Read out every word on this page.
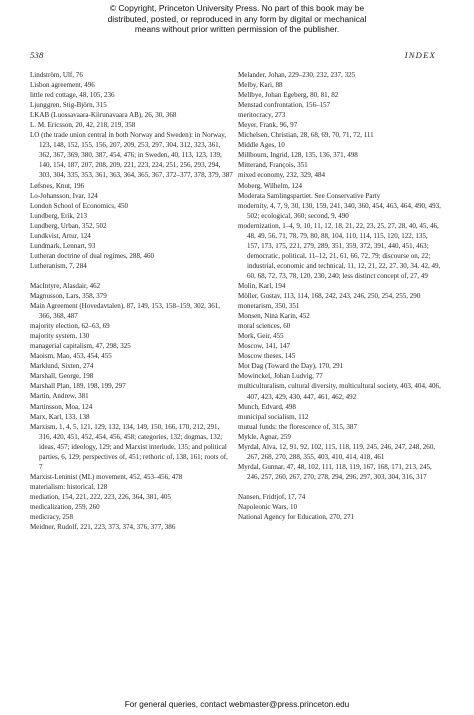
© Copyright, Princeton University Press. No part of this book may be
distributed, posted, or reproduced in any form by digital or mechanical
means without prior written permission of the publisher.
538	INDEX
Lindström, Ulf, 76
Lisbon agreement, 496
little red cottage, 48, 105, 236
Ljunggren, Stig-Björn, 315
LKAB (Luossavaara-Kiirunavaara AB), 26, 30, 368
L. M. Ericsson, 20, 42, 218, 219, 358
LO (the trade union central in both Norway and Sweden): in Norway, 123, 148, 152, 155, 156, 207, 209, 253, 297, 304, 312, 323, 361, 362, 367, 369, 380, 387, 454, 476; in Sweden, 40, 113, 123, 139, 140, 154, 187, 207, 208, 209, 221, 223, 224, 251, 256, 293, 294, 303, 304, 335, 353, 361, 363, 364, 365, 367, 372–377, 378, 379, 387
Løfsnes, Knut, 196
Lo-Johansson, Ivar, 124
London School of Economics, 450
Lundberg, Erik, 213
Lundberg, Urban, 352, 502
Lundkvist, Artur, 124
Lundmark, Lennart, 93
Lutheran doctrine of dual regimes, 288, 460
Lutheranism, 7, 284
MacIntyre, Alasdair, 462
Magnusson, Lars, 358, 379
Main Agreement (Hovedavtalen), 87, 149, 153, 158–159, 302, 361, 366, 368, 487
majority election, 62–63, 69
majority system, 130
managerial capitalism, 47, 298, 325
Maoism, Mao, 453, 454, 455
Marklund, Sixten, 274
Marshall, George, 198
Marshall Plan, 189, 198, 199, 297
Martin, Andrew, 381
Martinsson, Moa, 124
Marx, Karl, 133, 138
Marxism, 1, 4, 5, 121, 129, 132, 134, 149, 150, 166, 170, 212, 291, 316, 420, 451, 452, 454, 456, 458; categories, 132; dogmas, 132; ideas, 457; ideology, 129; and Marxist interlude, 135; and political parties, 6, 129; perspectives of, 451; rethoric of, 138, 161; roots of, 7
Marxist-Leninist (ML) movement, 452, 453–456, 478
materialism: historical, 128
mediation, 154, 221, 222, 223, 226, 364, 381, 405
medicalization, 259, 260
medicracy, 258
Meidner, Rudolf, 221, 223, 373, 374, 376, 377, 386
Melander, Johan, 229–230, 232, 237, 325
Melby, Kari, 88
Mellbye, Johan Egeberg, 80, 81, 82
Menstad confrontation, 156–157
meritocracy, 273
Meyer, Frank, 96, 97
Michelsen, Christian, 28, 68, 69, 70, 71, 72, 111
Middle Ages, 10
Millbourn, Ingrid, 128, 135, 136, 371, 498
Mitterand, François, 351
mixed economy, 232, 329, 484
Moberg, Wilhelm, 124
Moderata Samlingspartiet. See Conservative Party
modernity, 4, 7, 9, 30, 130, 159, 241, 340, 360, 454, 463, 464, 490, 493, 502; ecological, 360; second, 9, 490
modernization, 1–4, 9, 10, 11, 12, 18, 21, 22, 23, 25, 27, 28, 40, 45, 46, 48, 49, 56, 71, 78, 79, 80, 88, 104, 110, 114, 115, 120, 122, 135, 157, 173, 175, 221, 279, 289, 351, 359, 372, 391, 440, 451, 463; democratic, political, 11–12, 21, 61, 66, 72, 79; discourse on, 22; industrial, economic and technical, 11, 12, 21, 22, 27, 30, 34, 42, 49, 60, 68, 72, 73, 78, 120, 230, 240; less distinct concept of, 27, 49
Molin, Karl, 194
Möller, Gustav, 113, 114, 168, 242, 243, 246, 250, 254, 255, 290
monetarism, 350, 351
Monsen, Nina Karin, 452
moral sciences, 60
Mork, Geir, 455
Moscow, 141, 147
Moscow theses, 145
Mot Dag (Toward the Day), 170, 291
Mowinckel, Johan Ludvig, 77
multiculturalism, cultural diversity, multicultural society, 403, 404, 406, 407, 423, 429, 430, 447, 461, 462, 492
Munch, Edvard, 498
municipal socialism, 112
mutual funds: the florescence of, 315, 387
Mykle, Agnar, 259
Myrdal, Alva, 12, 91, 92, 102, 115, 118, 119, 245, 246, 247, 248, 260, 267, 268, 270, 288, 355, 403, 410, 414, 418, 461
Myrdal, Gunnar, 47, 48, 102, 111, 118, 119, 167, 168, 171, 213, 245, 246, 257, 260, 267, 270, 278, 294, 296, 297, 303, 304, 316, 317
Nansen, Fridtjof, 17, 74
Napoleonic Wars, 10
National Agency for Education, 270, 271
For general queries, contact webmaster@press.princeton.edu
